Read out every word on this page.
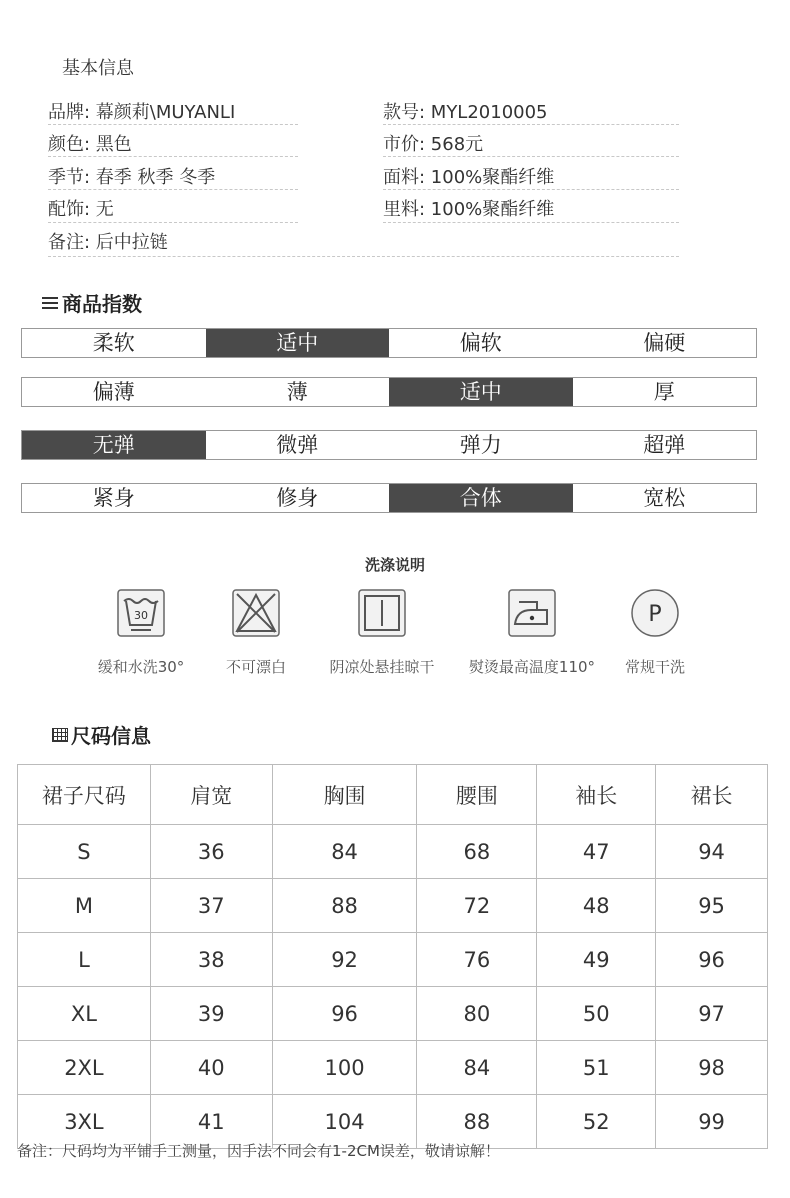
基本信息
品牌: 幕颜莉\MUYANLI	款号: MYL2010005
颜色: 黑色	市价: 568元
季节: 春季 秋季 冬季	面料: 100%聚酯纤维
配饰: 无	里料: 100%聚酯纤维
备注: 后中拉链
商品指数
柔软	适中	偏软	偏硬
偏薄	薄	适中	厚
无弹	微弹	弹力	超弹
紧身	修身	合体	宽松
洗涤说明
30
缓和水洗30°	不可漂白	阴凉处悬挂晾干	熨烫最高温度110°
P
常规干洗
尺码信息
裙子尺码	肩宽	胸围	腰围	袖长	裙长
S	36	84	68	47	94
M	37	88	72	48	95
L	38	92	76	49	96
XL	39	96	80	50	97
2XL	40	100	84	51	98
3XL	41	104	88	52	99
备注：尺码均为平铺手工测量，因手法不同会有1-2CM误差，敬请谅解！
